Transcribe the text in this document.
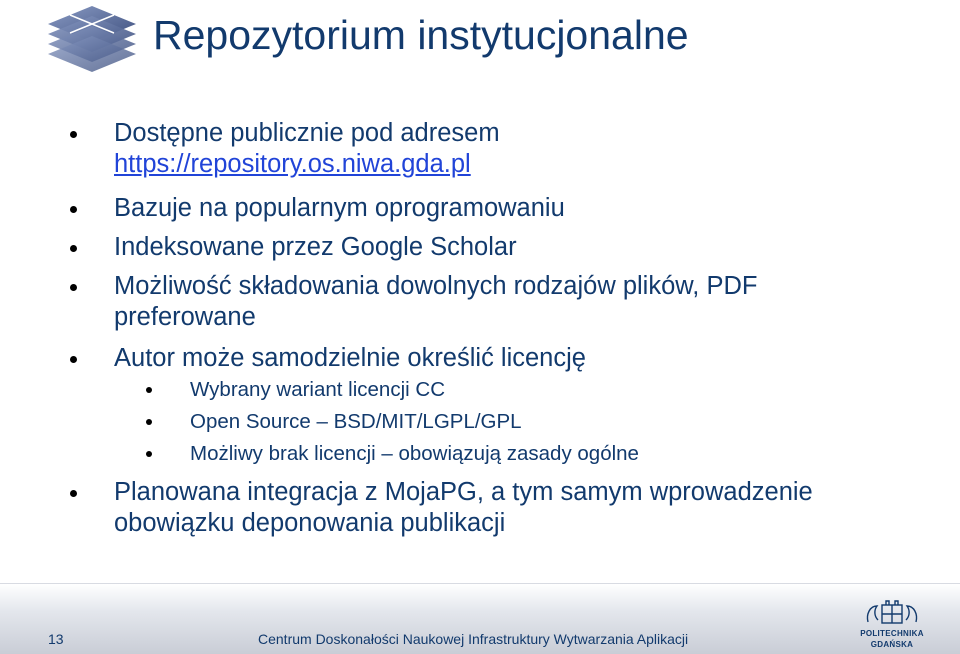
Repozytorium instytucjonalne
Dostępne publicznie pod adresem
https://repository.os.niwa.gda.pl
Bazuje na popularnym oprogramowaniu
Indeksowane przez Google Scholar
Możliwość składowania dowolnych rodzajów plików, PDF preferowane
Autor może samodzielnie określić licencję
Wybrany wariant licencji CC
Open Source – BSD/MIT/LGPL/GPL
Możliwy brak licencji – obowiązują zasady ogólne
Planowana integracja z MojaPG, a tym samym wprowadzenie obowiązku deponowania publikacji
13	Centrum Doskonałości Naukowej Infrastruktury Wytwarzania Aplikacji	POLITECHNIKA
GDAŃSKA
